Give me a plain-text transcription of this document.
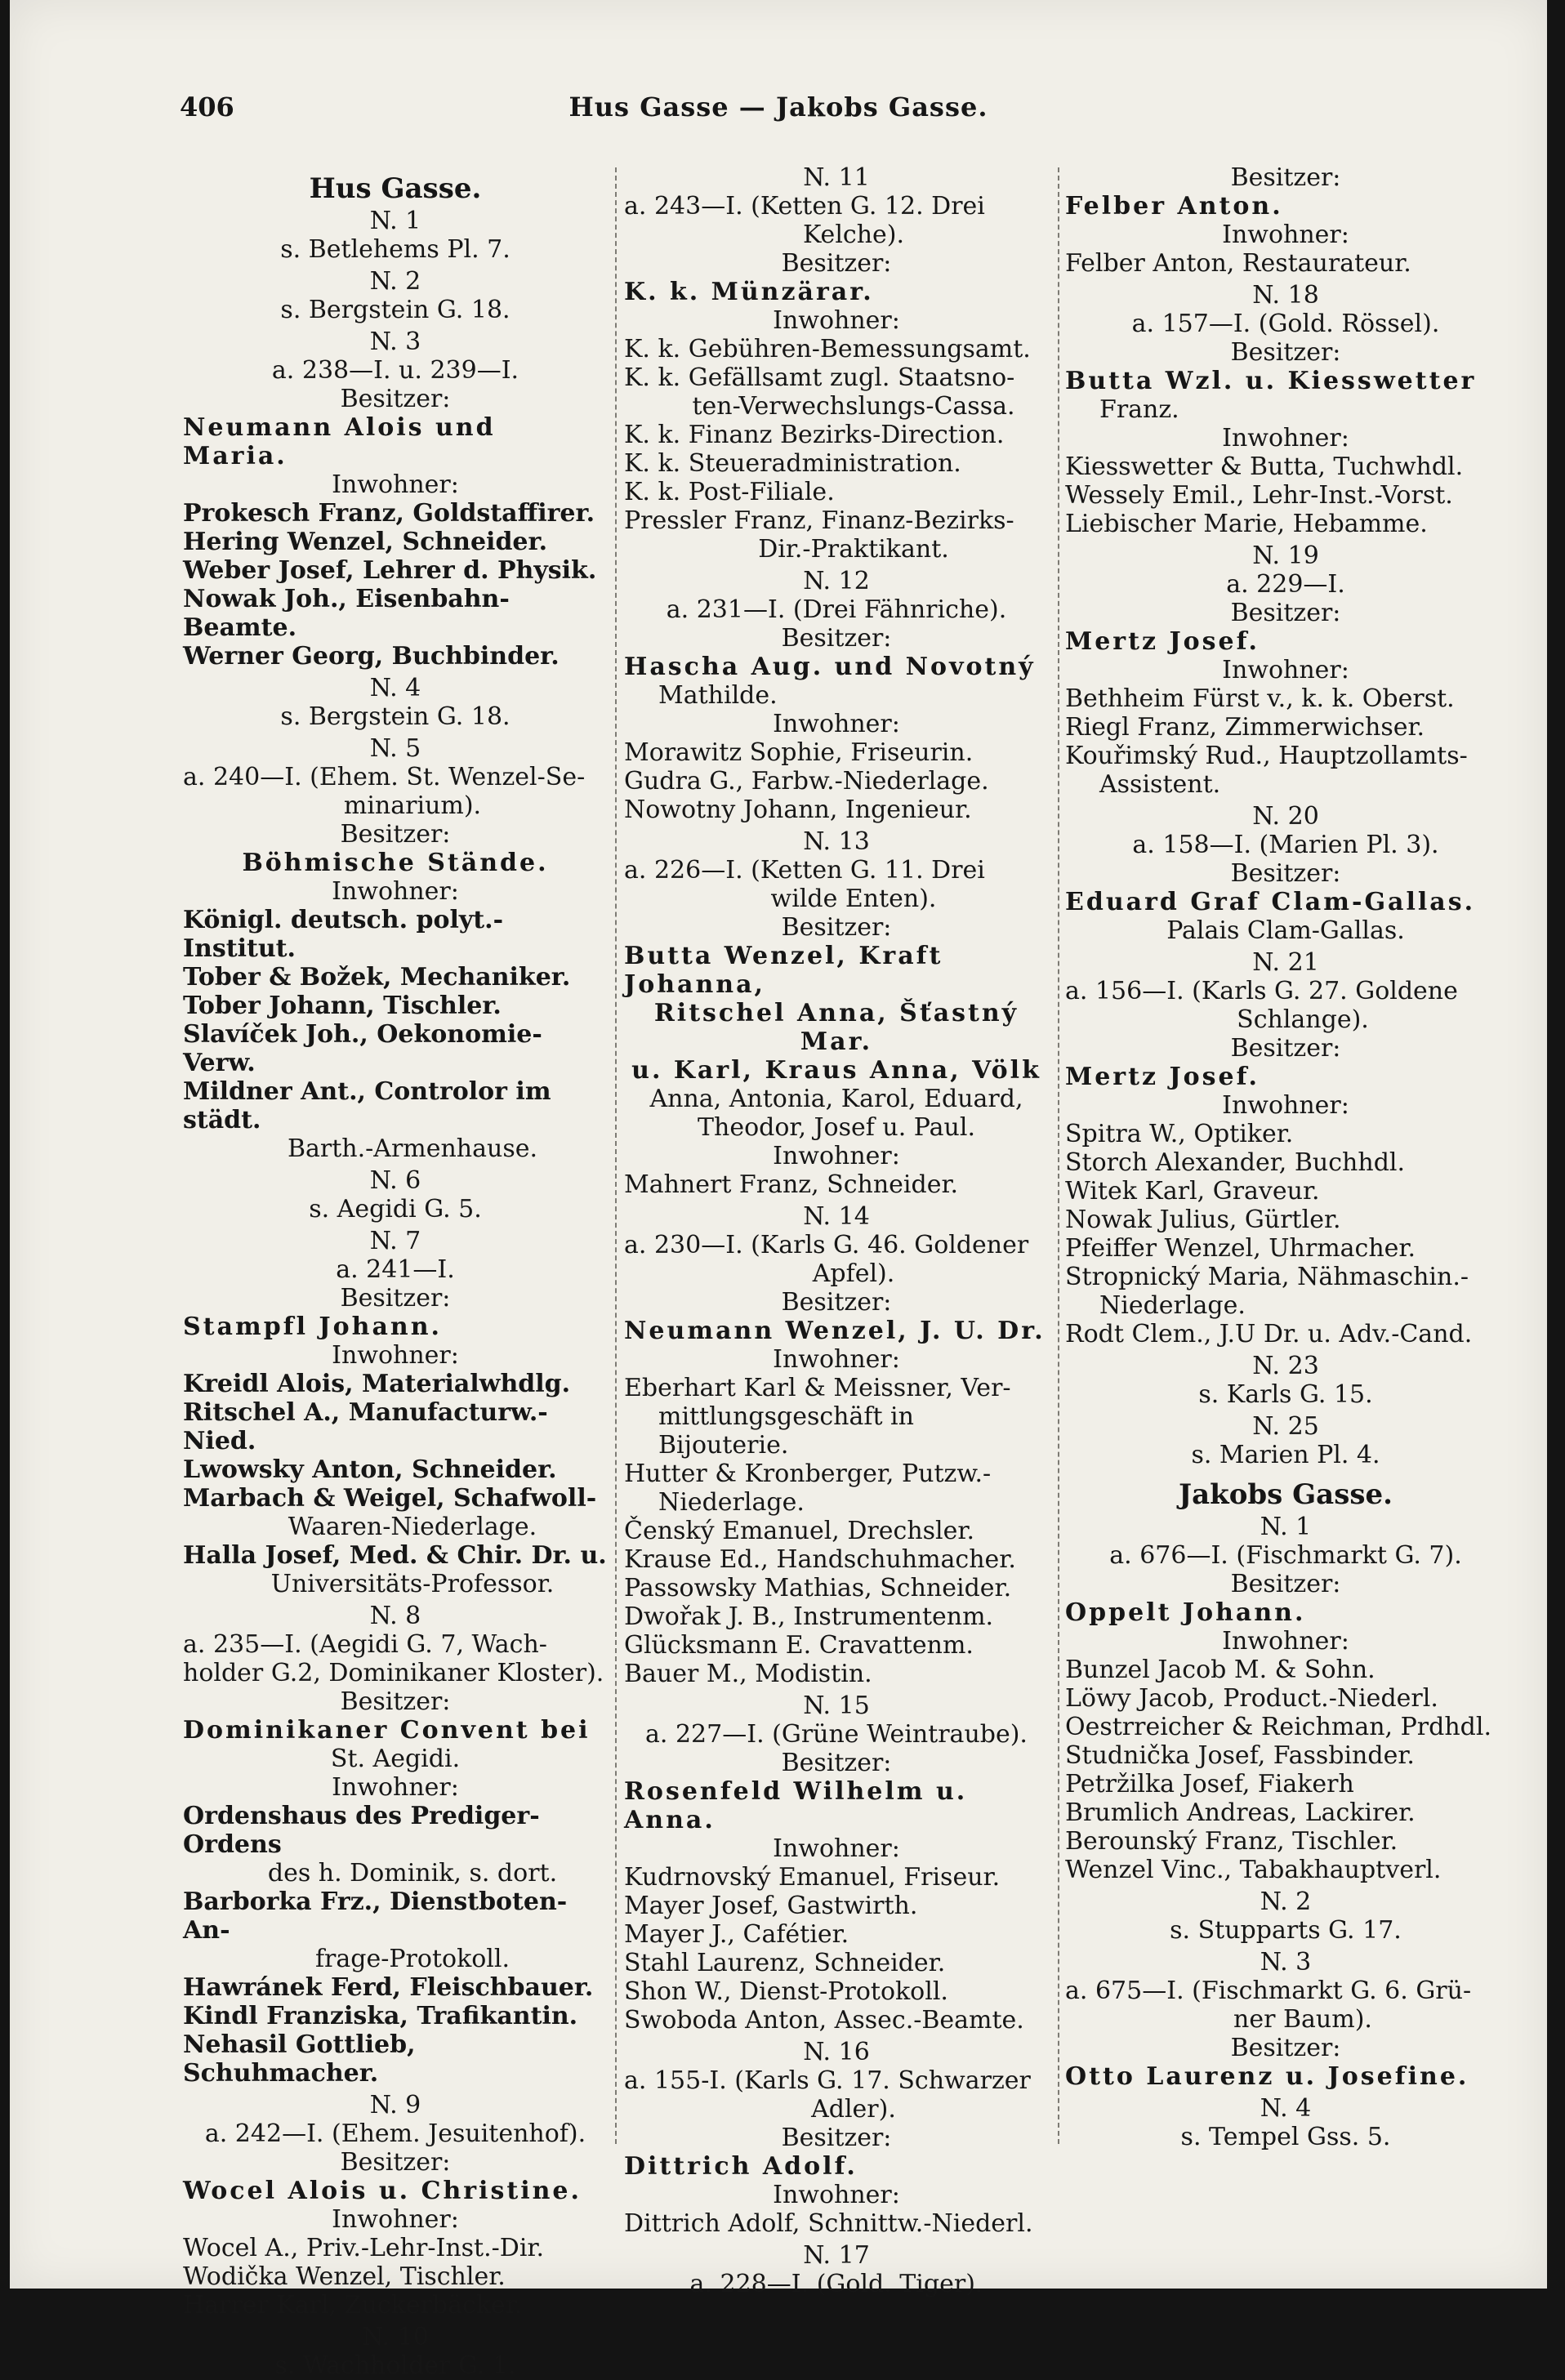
406	Hus Gasse — Jakobs Gasse.
Hus Gasse.
N. 1
s. Betlehems Pl. 7.
N. 2
s. Bergstein G. 18.
N. 3
a. 238—I. u. 239—I.
Besitzer:
Neumann Alois und Maria.
Inwohner:
Prokesch Franz, Goldstaffirer.
Hering Wenzel, Schneider.
Weber Josef, Lehrer d. Physik.
Nowak Joh., Eisenbahn-Beamte.
Werner Georg, Buchbinder.
N. 4
s. Bergstein G. 18.
N. 5
a. 240—I. (Ehem. St. Wenzel-Se-
minarium).
Besitzer:
Böhmische Stände.
Inwohner:
Königl. deutsch. polyt.-Institut.
Tober & Božek, Mechaniker.
Tober Johann, Tischler.
Slavíček Joh., Oekonomie-Verw.
Mildner Ant., Controlor im städt.
Barth.-Armenhause.
N. 6
s. Aegidi G. 5.
N. 7
a. 241—I.
Besitzer:
Stampfl Johann.
Inwohner:
Kreidl Alois, Materialwhdlg.
Ritschel A., Manufacturw.-Nied.
Lwowsky Anton, Schneider.
Marbach & Weigel, Schafwoll-
Waaren-Niederlage.
Halla Josef, Med. & Chir. Dr. u.
Universitäts-Professor.
N. 8
a. 235—I. (Aegidi G. 7, Wach-
holder G.2, Dominikaner Kloster).
Besitzer:
Dominikaner Convent bei
St. Aegidi.
Inwohner:
Ordenshaus des Prediger-Ordens
des h. Dominik, s. dort.
Barborka Frz., Dienstboten-An-
frage-Protokoll.
Hawránek Ferd, Fleischbauer.
Kindl Franziska, Trafikantin.
Nehasil Gottlieb, Schuhmacher.
N. 9
a. 242—I. (Ehem. Jesuitenhof).
Besitzer:
Wocel Alois u. Christine.
Inwohner:
Wocel A., Priv.-Lehr-Inst.-Dir.
Wodička Wenzel, Tischler.
Harrer Karl, Zuckerbäcker.
N. 10
s. Wachholder G. 1.
N. 11
a. 243—I. (Ketten G. 12. Drei
Kelche).
Besitzer:
K. k. Münzärar.
Inwohner:
K. k. Gebühren-Bemessungsamt.
K. k. Gefällsamt zugl. Staatsno-
ten-Verwechslungs-Cassa.
K. k. Finanz Bezirks-Direction.
K. k. Steueradministration.
K. k. Post-Filiale.
Pressler Franz, Finanz-Bezirks-
Dir.-Praktikant.
N. 12
a. 231—I. (Drei Fähnriche).
Besitzer:
Hascha Aug. und Novotný
Mathilde.
Inwohner:
Morawitz Sophie, Friseurin.
Gudra G., Farbw.-Niederlage.
Nowotny Johann, Ingenieur.
N. 13
a. 226—I. (Ketten G. 11. Drei
wilde Enten).
Besitzer:
Butta Wenzel, Kraft Johanna,
Ritschel Anna, Šťastný Mar.
u. Karl, Kraus Anna, Völk
Anna, Antonia, Karol, Eduard,
Theodor, Josef u. Paul.
Inwohner:
Mahnert Franz, Schneider.
N. 14
a. 230—I. (Karls G. 46. Goldener
Apfel).
Besitzer:
Neumann Wenzel, J. U. Dr.
Inwohner:
Eberhart Karl & Meissner, Ver-
mittlungsgeschäft in Bijouterie.
Hutter & Kronberger, Putzw.-
Niederlage.
Čenský Emanuel, Drechsler.
Krause Ed., Handschuhmacher.
Passowsky Mathias, Schneider.
Dwořak J. B., Instrumentenm.
Glücksmann E. Cravattenm.
Bauer M., Modistin.
N. 15
a. 227—I. (Grüne Weintraube).
Besitzer:
Rosenfeld Wilhelm u. Anna.
Inwohner:
Kudrnovský Emanuel, Friseur.
Mayer Josef, Gastwirth.
Mayer J., Cafétier.
Stahl Laurenz, Schneider.
Shon W., Dienst-Protokoll.
Swoboda Anton, Assec.-Beamte.
N. 16
a. 155-I. (Karls G. 17. Schwarzer
Adler).
Besitzer:
Dittrich Adolf.
Inwohner:
Dittrich Adolf, Schnittw.-Niederl.
N. 17
a. 228—I. (Gold. Tiger).
Besitzer:
Felber Anton.
Inwohner:
Felber Anton, Restaurateur.
N. 18
a. 157—I. (Gold. Rössel).
Besitzer:
Butta Wzl. u. Kiesswetter
Franz.
Inwohner:
Kiesswetter & Butta, Tuchwhdl.
Wessely Emil., Lehr-Inst.-Vorst.
Liebischer Marie, Hebamme.
N. 19
a. 229—I.
Besitzer:
Mertz Josef.
Inwohner:
Bethheim Fürst v., k. k. Oberst.
Riegl Franz, Zimmerwichser.
Kouřimský Rud., Hauptzollamts-
Assistent.
N. 20
a. 158—I. (Marien Pl. 3).
Besitzer:
Eduard Graf Clam-Gallas.
Palais Clam-Gallas.
N. 21
a. 156—I. (Karls G. 27. Goldene
Schlange).
Besitzer:
Mertz Josef.
Inwohner:
Spitra W., Optiker.
Storch Alexander, Buchhdl.
Witek Karl, Graveur.
Nowak Julius, Gürtler.
Pfeiffer Wenzel, Uhrmacher.
Stropnický Maria, Nähmaschin.-
Niederlage.
Rodt Clem., J.U Dr. u. Adv.-Cand.
N. 23
s. Karls G. 15.
N. 25
s. Marien Pl. 4.
Jakobs Gasse.
N. 1
a. 676—I. (Fischmarkt G. 7).
Besitzer:
Oppelt Johann.
Inwohner:
Bunzel Jacob M. & Sohn.
Löwy Jacob, Product.-Niederl.
Oestrreicher & Reichman, Prdhdl.
Studnička Josef, Fassbinder.
Petržilka Josef, Fiakerh
Brumlich Andreas, Lackirer.
Berounský Franz, Tischler.
Wenzel Vinc., Tabakhauptverl.
N. 2
s. Stupparts G. 17.
N. 3
a. 675—I. (Fischmarkt G. 6. Grü-
ner Baum).
Besitzer:
Otto Laurenz u. Josefine.
N. 4
s. Tempel Gss. 5.
